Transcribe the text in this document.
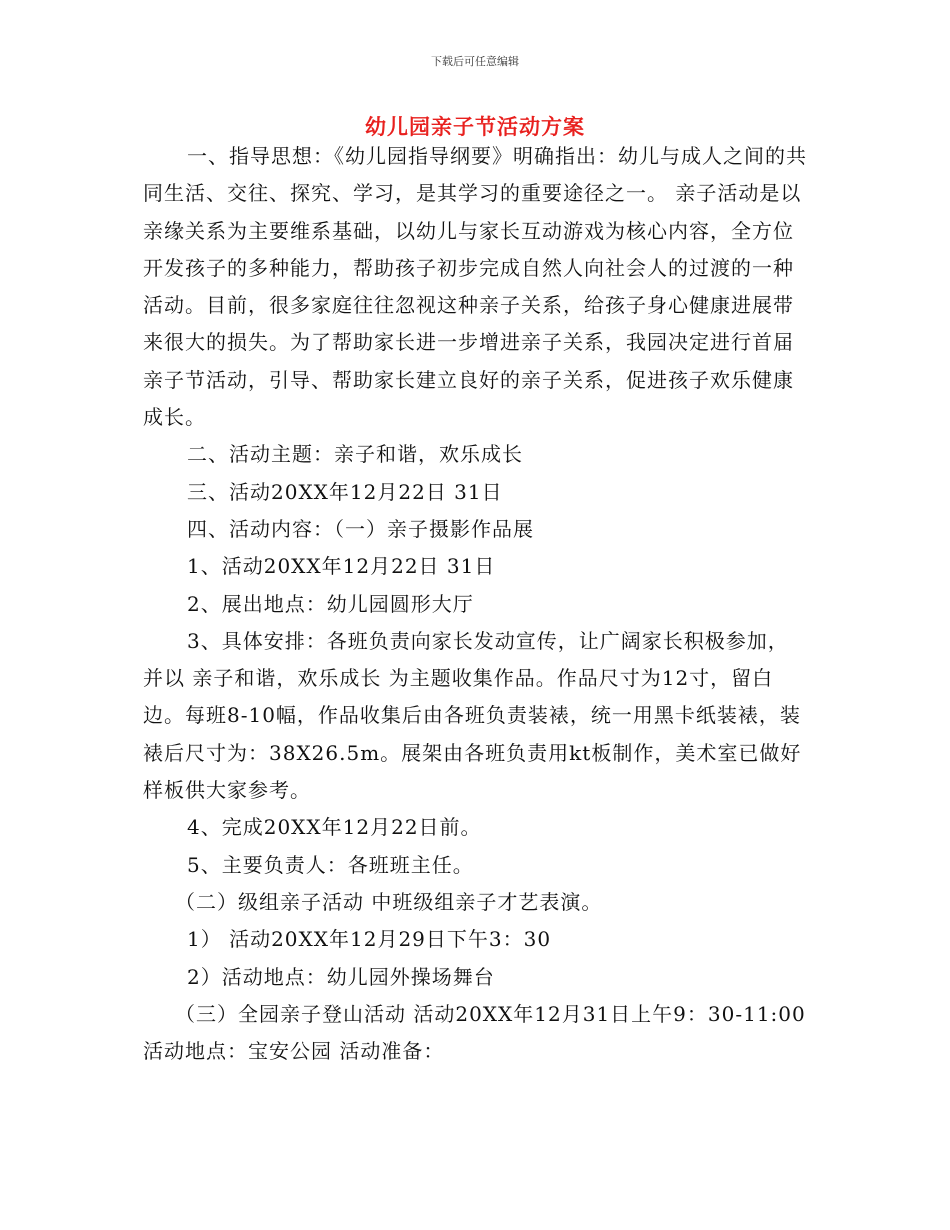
下载后可任意编辑
幼儿园亲子节活动方案

一、指导思想：《幼儿园指导纲要》明确指出：幼儿与成人之间的共同生活、交往、探究、学习，是其学习的重要途径之一。 亲子活动是以亲缘关系为主要维系基础，以幼儿与家长互动游戏为核心内容，全方位开发孩子的多种能力，帮助孩子初步完成自然人向社会人的过渡的一种活动。目前，很多家庭往往忽视这种亲子关系，给孩子身心健康进展带来很大的损失。为了帮助家长进一步增进亲子关系，我园决定进行首届亲子节活动，引导、帮助家长建立良好的亲子关系，促进孩子欢乐健康成长。

二、活动主题：亲子和谐，欢乐成长

三、活动20XX年12月22日 31日

四、活动内容：（一）亲子摄影作品展

1、活动20XX年12月22日 31日

2、展出地点：幼儿园圆形大厅

3、具体安排：各班负责向家长发动宣传，让广阔家长积极参加，并以 亲子和谐，欢乐成长 为主题收集作品。作品尺寸为12寸，留白边。每班8-10幅，作品收集后由各班负责装裱，统一用黑卡纸装裱，装裱后尺寸为：38X26.5m。展架由各班负责用kt板制作，美术室已做好样板供大家参考。

4、完成20XX年12月22日前。

5、主要负责人：各班班主任。

（二）级组亲子活动 中班级组亲子才艺表演。

1） 活动20XX年12月29日下午3：30

2）活动地点：幼儿园外操场舞台

（三）全园亲子登山活动 活动20XX年12月31日上午9：30-11:00 活动地点：宝安公园 活动准备：
